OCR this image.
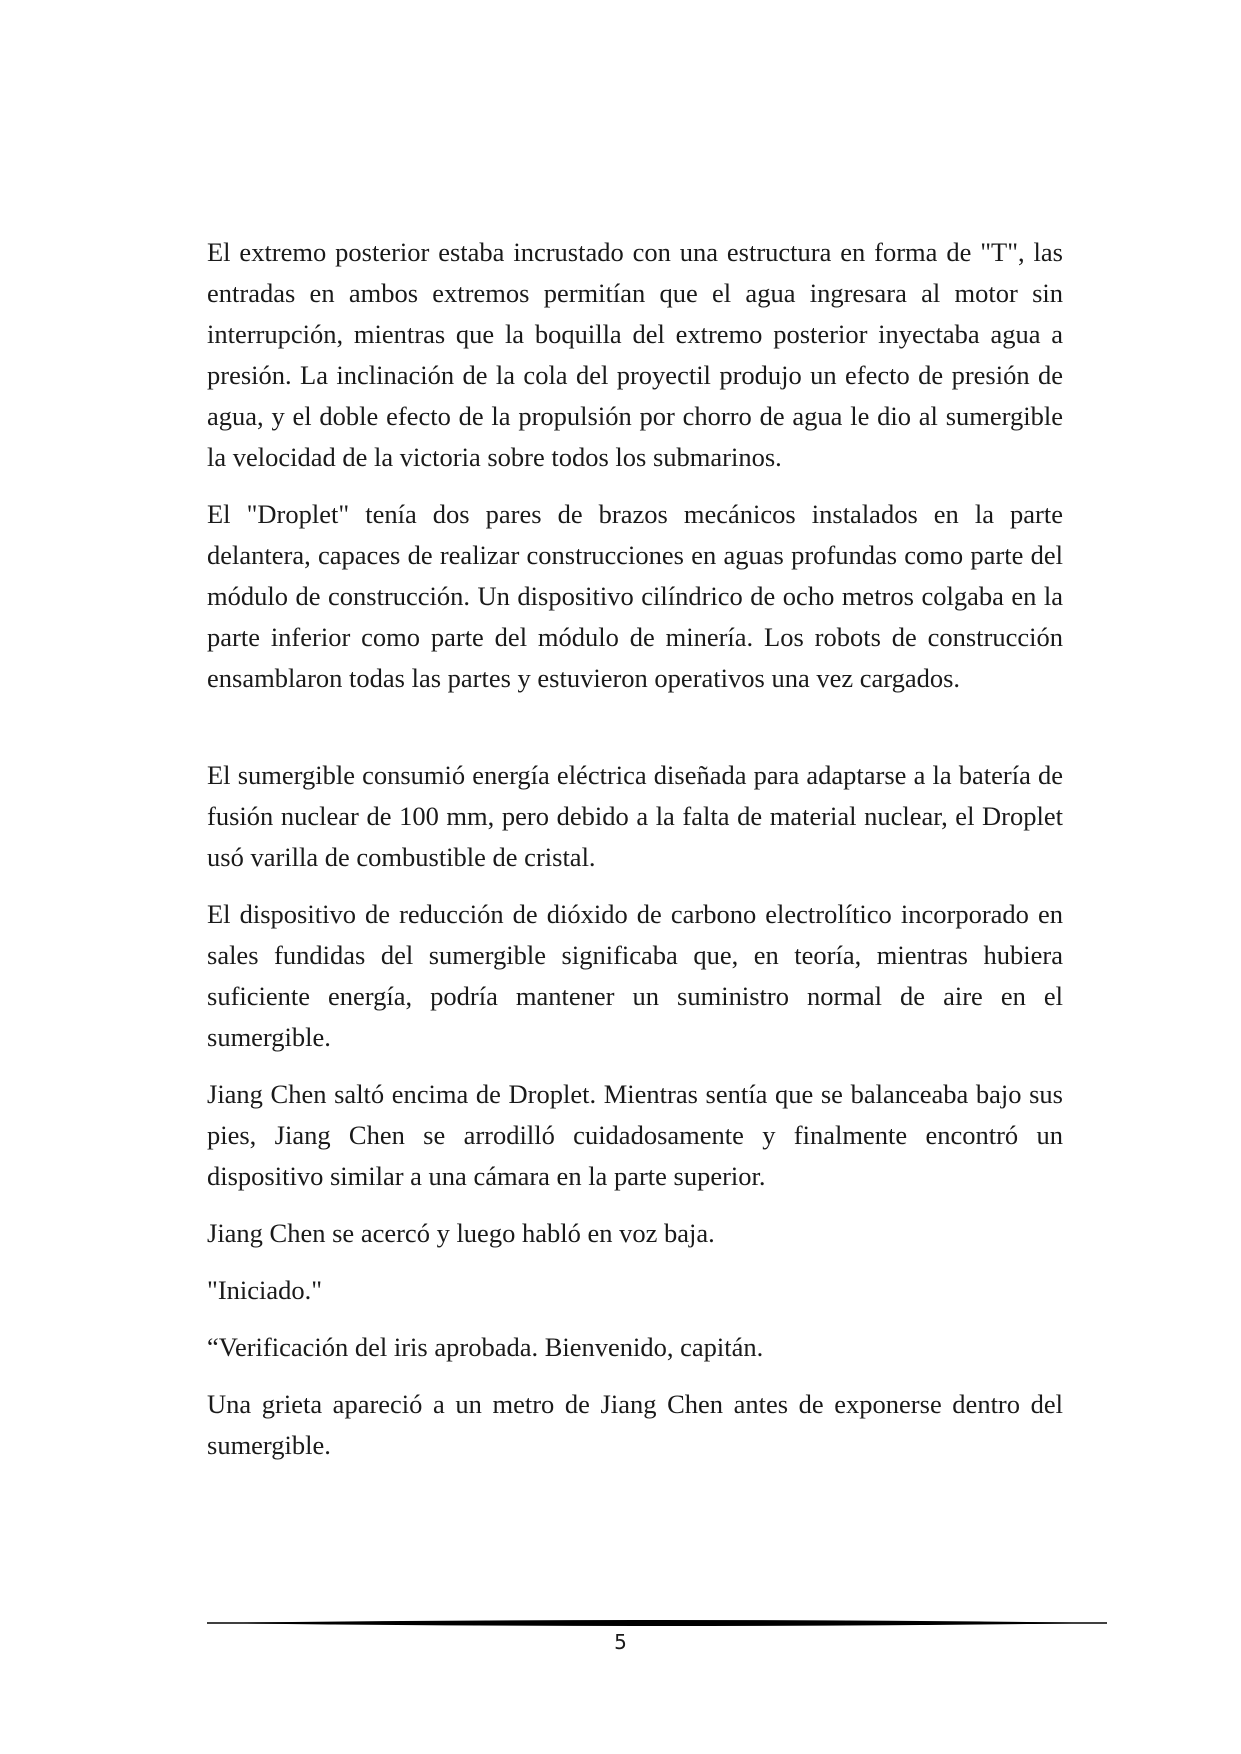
El extremo posterior estaba incrustado con una estructura en forma de "T", las entradas en ambos extremos permitían que el agua ingresara al motor sin interrupción, mientras que la boquilla del extremo posterior inyectaba agua a presión. La inclinación de la cola del proyectil produjo un efecto de presión de agua, y el doble efecto de la propulsión por chorro de agua le dio al sumergible la velocidad de la victoria sobre todos los submarinos.

El "Droplet" tenía dos pares de brazos mecánicos instalados en la parte delantera, capaces de realizar construcciones en aguas profundas como parte del módulo de construcción. Un dispositivo cilíndrico de ocho metros colgaba en la parte inferior como parte del módulo de minería. Los robots de construcción ensamblaron todas las partes y estuvieron operativos una vez cargados.

El sumergible consumió energía eléctrica diseñada para adaptarse a la batería de fusión nuclear de 100 mm, pero debido a la falta de material nuclear, el Droplet usó varilla de combustible de cristal.

El dispositivo de reducción de dióxido de carbono electrolítico incorporado en sales fundidas del sumergible significaba que, en teoría, mientras hubiera suficiente energía, podría mantener un suministro normal de aire en el sumergible.

Jiang Chen saltó encima de Droplet. Mientras sentía que se balanceaba bajo sus pies, Jiang Chen se arrodilló cuidadosamente y finalmente encontró un dispositivo similar a una cámara en la parte superior.

Jiang Chen se acercó y luego habló en voz baja.

"Iniciado."

“Verificación del iris aprobada. Bienvenido, capitán.

Una grieta apareció a un metro de Jiang Chen antes de exponerse dentro del sumergible.

5
